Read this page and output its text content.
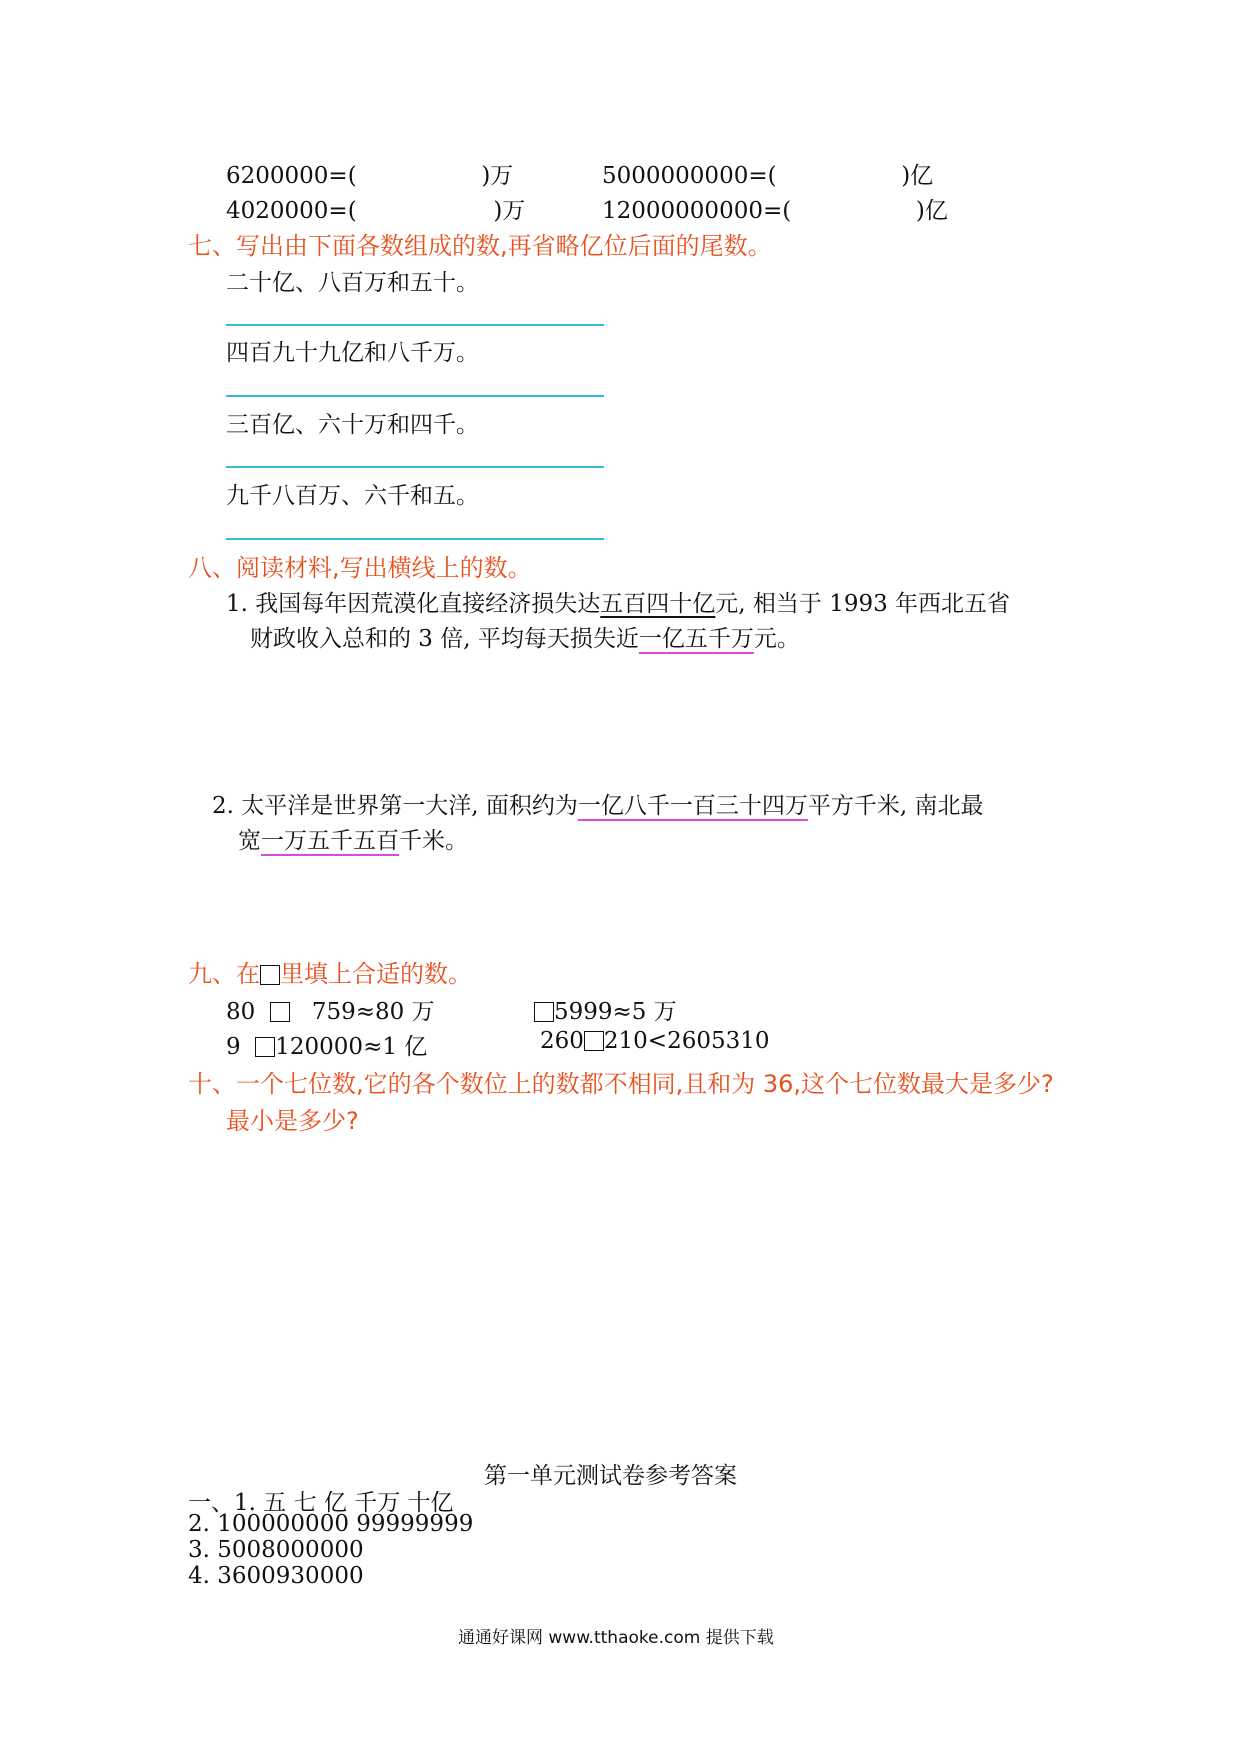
6200000=(	)万	5000000000=(	)亿
4020000=(	)万	12000000000=(	)亿
七、写出由下面各数组成的数,再省略亿位后面的尾数。
二十亿、八百万和五十。
四百九十九亿和八千万。
三百亿、六十万和四千。
九千八百万、六千和五。
八、阅读材料,写出横线上的数。
1. 我国每年因荒漠化直接经济损失达五百四十亿元, 相当于 1993 年西北五省
财政收入总和的 3 倍, 平均每天损失近一亿五千万元。
2. 太平洋是世界第一大洋, 面积约为一亿八千一百三十四万平方千米, 南北最
宽一万五千五百千米。
九、在 里填上合适的数。
80 759≈80 万	5999≈5 万
9 120000≈1 亿	260 210<2605310
十、一个七位数,它的各个数位上的数都不相同,且和为 36,这个七位数最大是多少?
最小是多少?
第一单元测试卷参考答案
一、1. 五 七 亿 千万 十亿
2. 100000000 99999999
3. 5008000000
4. 3600930000
通通好课网 www.tthaoke.com 提供下载
